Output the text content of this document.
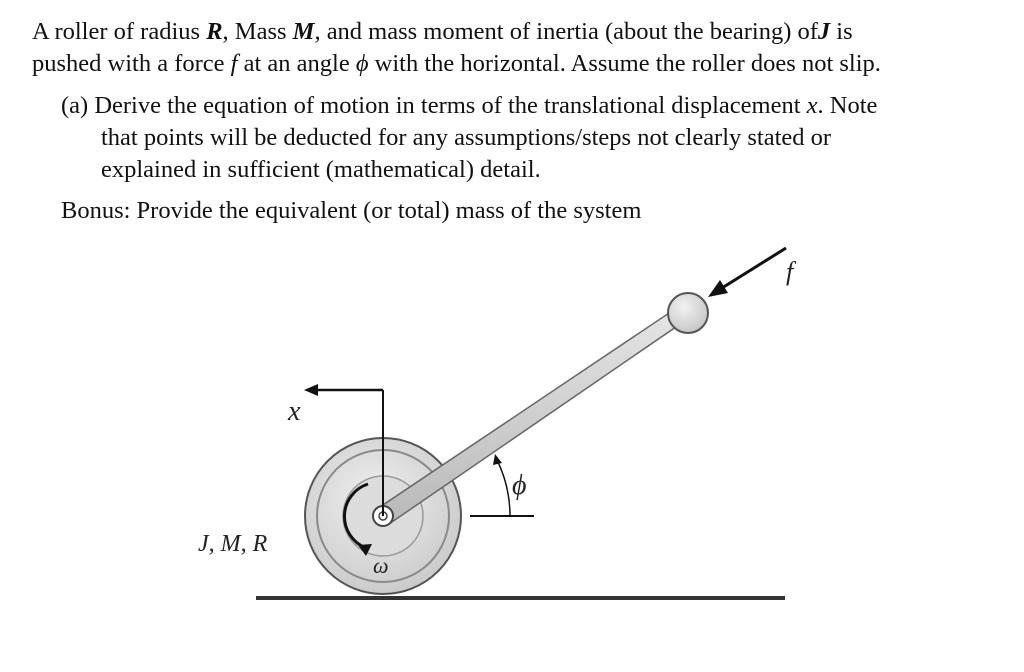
A roller of radius R, Mass M, and mass moment of inertia (about the bearing) ofJ is
pushed with a force f at an angle ϕ with the horizontal. Assume the roller does not slip.
(a) Derive the equation of motion in terms of the translational displacement x. Note
that points will be deducted for any assumptions/steps not clearly stated or
explained in sufficient (mathematical) detail.
Bonus: Provide the equivalent (or total) mass of the system
f
x
ϕ
ω
J, M, R
